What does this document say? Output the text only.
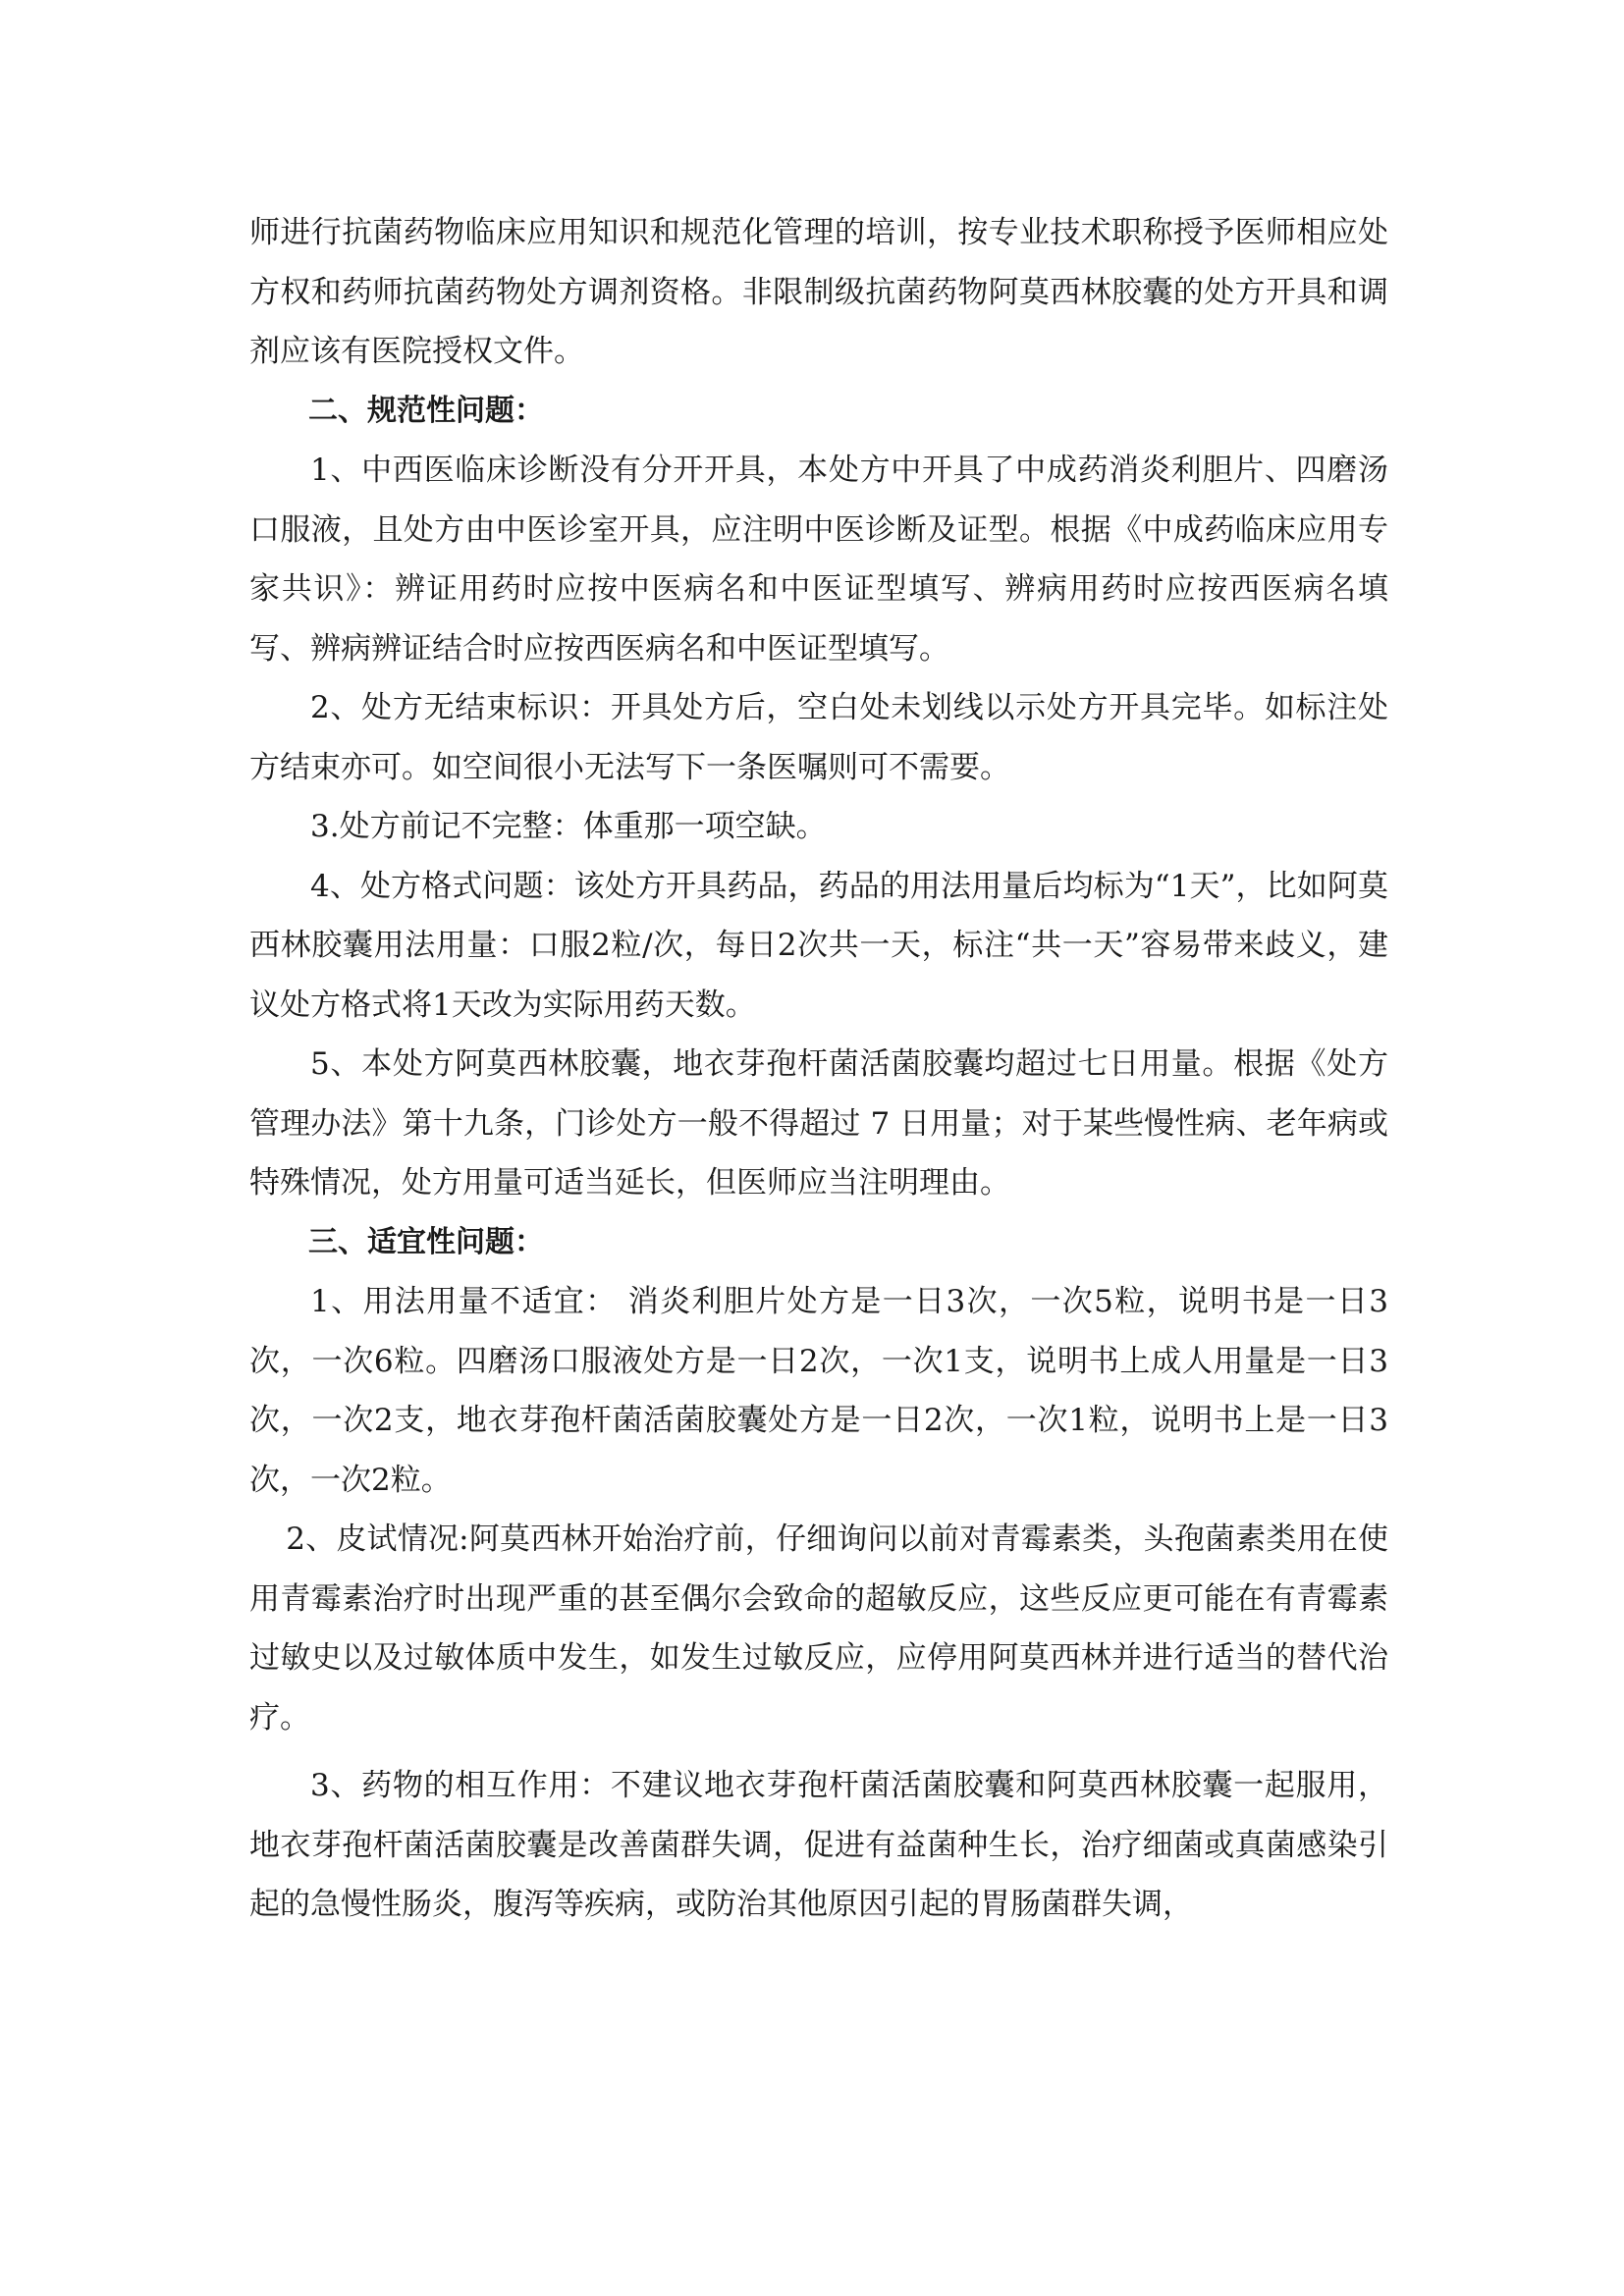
师进行抗菌药物临床应用知识和规范化管理的培训，按专业技术职称授予医师相应处方权和药师抗菌药物处方调剂资格。非限制级抗菌药物阿莫西林胶囊的处方开具和调剂应该有医院授权文件。

二、规范性问题：

1、中西医临床诊断没有分开开具，本处方中开具了中成药消炎利胆片、四磨汤口服液，且处方由中医诊室开具，应注明中医诊断及证型。根据《中成药临床应用专家共识》：辨证用药时应按中医病名和中医证型填写、辨病用药时应按西医病名填写、辨病辨证结合时应按西医病名和中医证型填写。

2、处方无结束标识：开具处方后，空白处未划线以示处方开具完毕。如标注处方结束亦可。如空间很小无法写下一条医嘱则可不需要。

3.处方前记不完整：体重那一项空缺。

4、处方格式问题：该处方开具药品，药品的用法用量后均标为“1天”，比如阿莫西林胶囊用法用量：口服2粒/次，每日2次共一天，标注“共一天”容易带来歧义，建议处方格式将1天改为实际用药天数。

5、本处方阿莫西林胶囊，地衣芽孢杆菌活菌胶囊均超过七日用量。根据《处方管理办法》第十九条，门诊处方一般不得超过 7 日用量；对于某些慢性病、老年病或特殊情况，处方用量可适当延长，但医师应当注明理由。

三、适宜性问题：

1、用法用量不适宜： 消炎利胆片处方是一日3次，一次5粒，说明书是一日3次，一次6粒。四磨汤口服液处方是一日2次，一次1支，说明书上成人用量是一日3次，一次2支，地衣芽孢杆菌活菌胶囊处方是一日2次，一次1粒，说明书上是一日3次，一次2粒。

2、皮试情况:阿莫西林开始治疗前，仔细询问以前对青霉素类，头孢菌素类用在使用青霉素治疗时出现严重的甚至偶尔会致命的超敏反应，这些反应更可能在有青霉素过敏史以及过敏体质中发生，如发生过敏反应，应停用阿莫西林并进行适当的替代治疗。

3、药物的相互作用：不建议地衣芽孢杆菌活菌胶囊和阿莫西林胶囊一起服用，地衣芽孢杆菌活菌胶囊是改善菌群失调，促进有益菌种生长，治疗细菌或真菌感染引起的急慢性肠炎，腹泻等疾病，或防治其他原因引起的胃肠菌群失调，
